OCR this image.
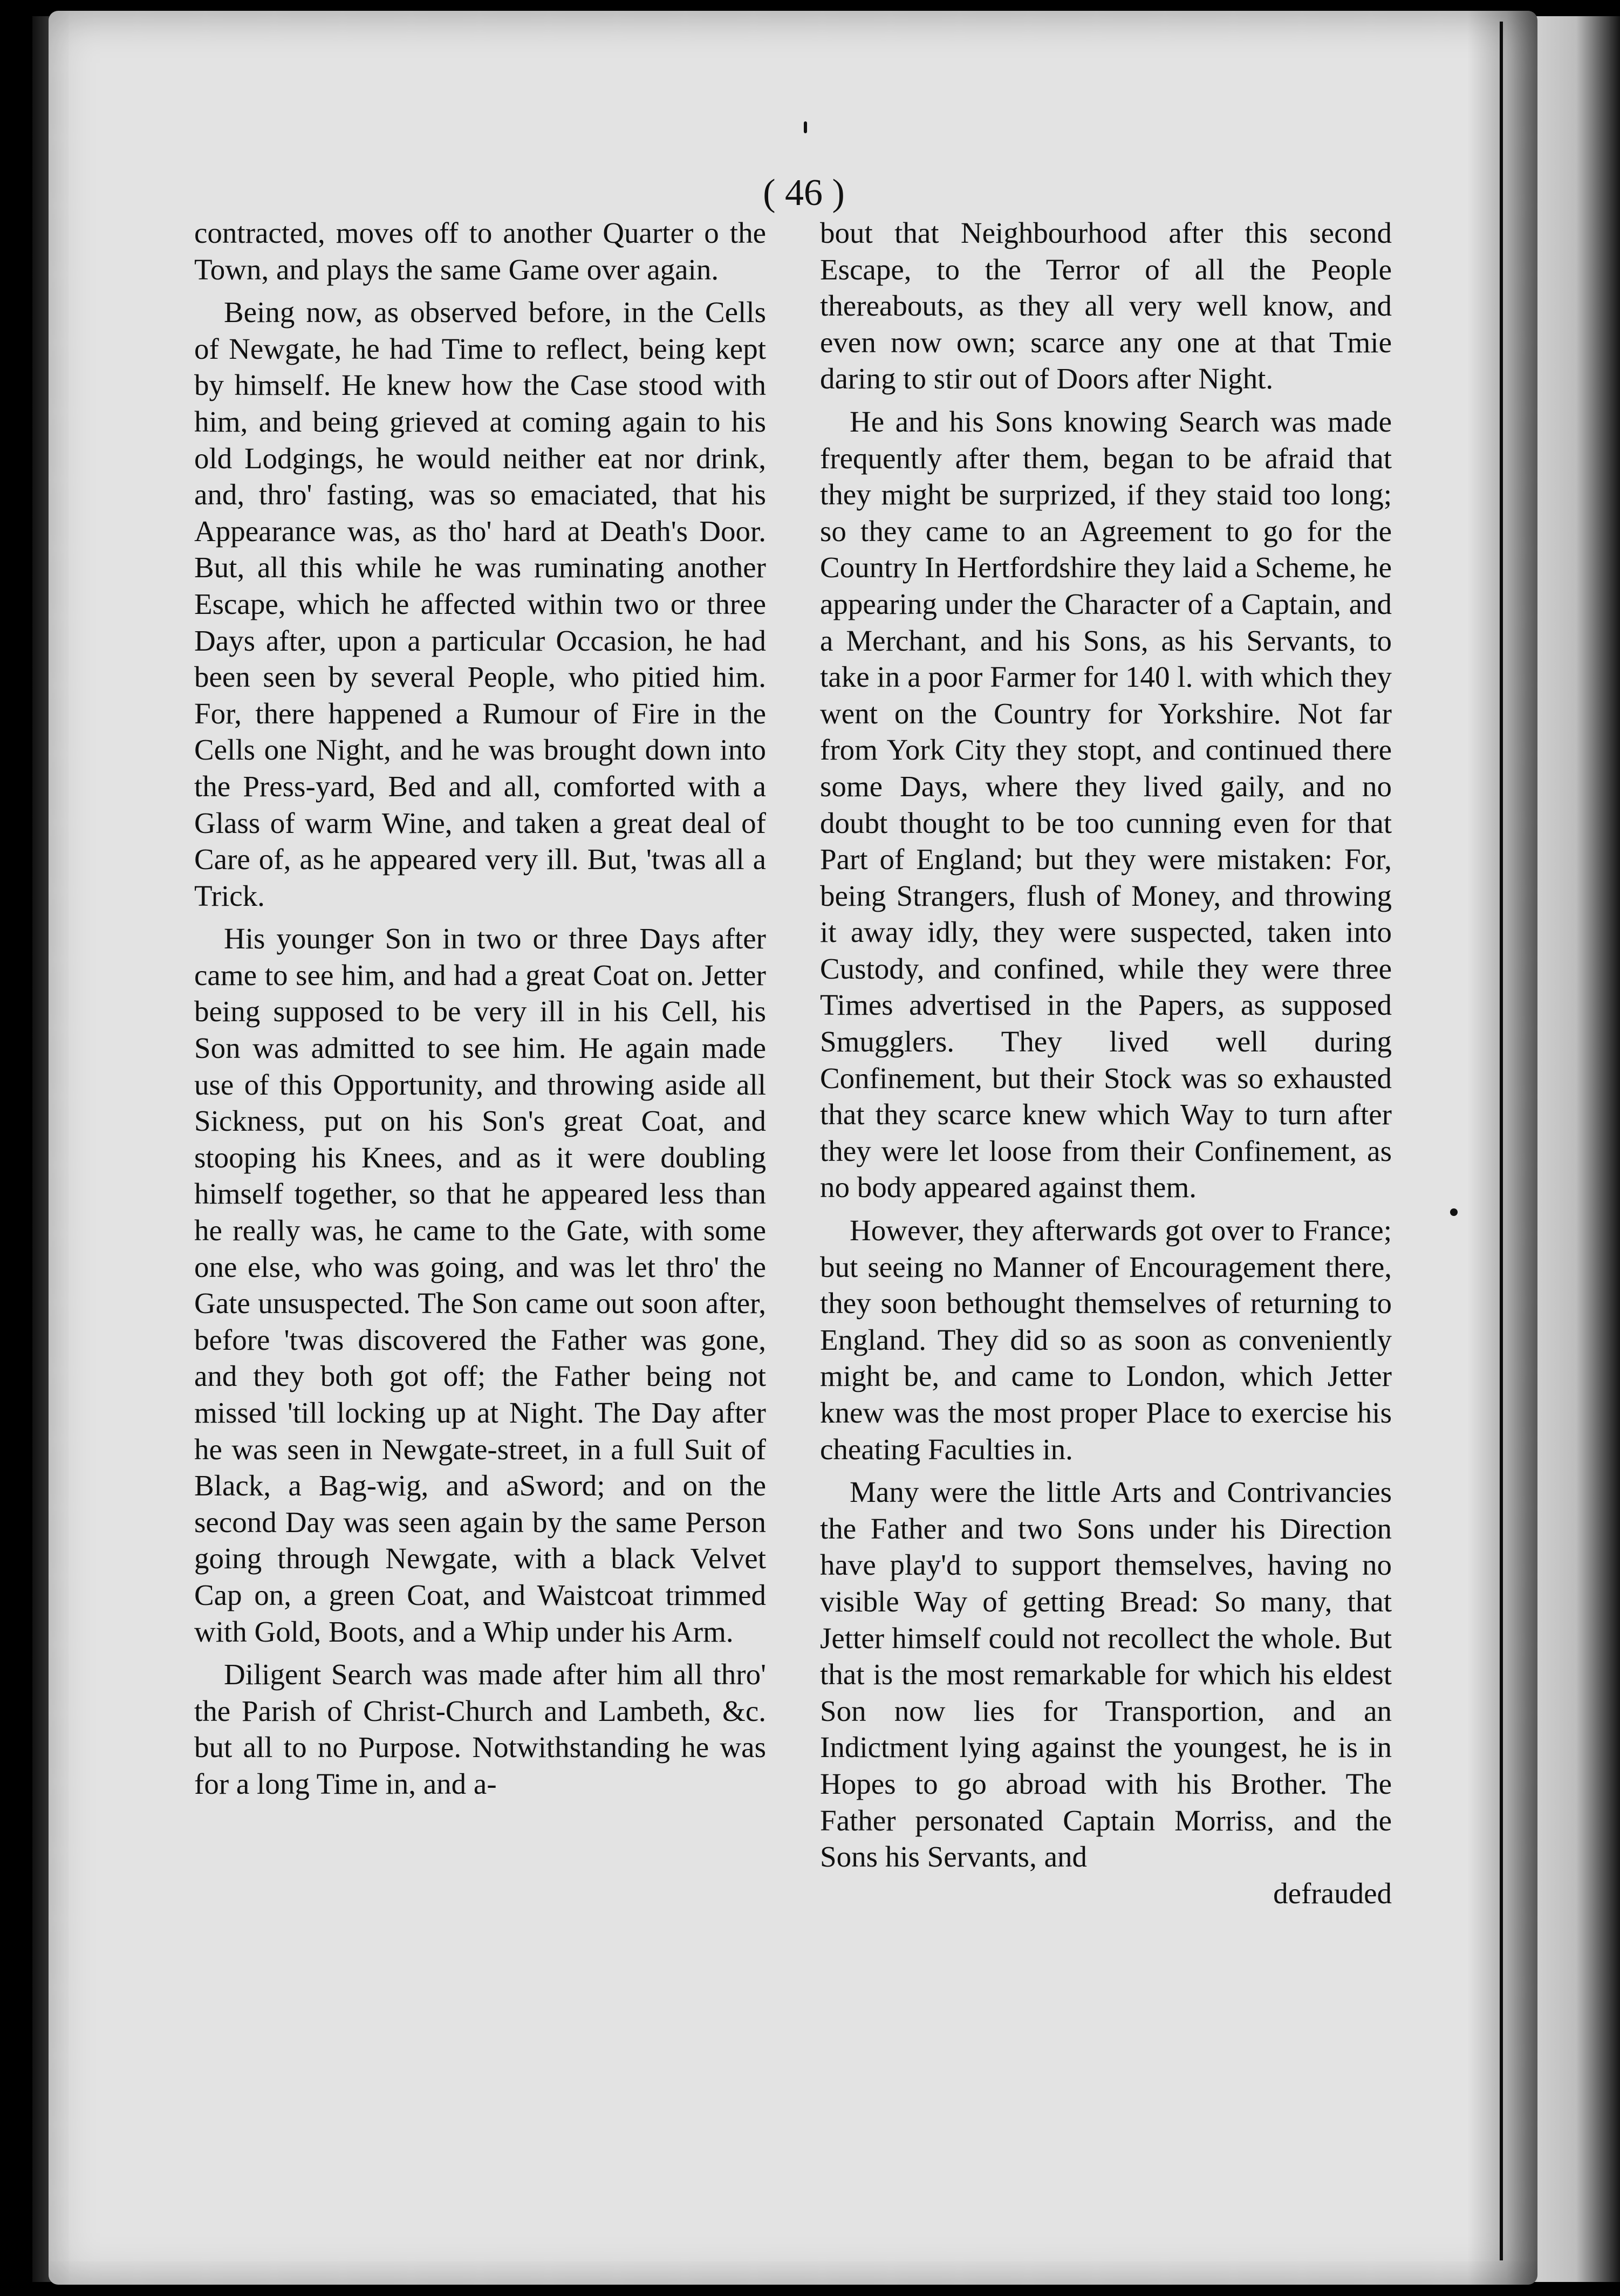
( 46 )

contracted, moves off to another Quarter o the Town, and plays the same Game over again.

Being now, as observed before, in the Cells of Newgate, he had Time to reflect, being kept by himself. He knew how the Case stood with him, and being grieved at coming again to his old Lodgings, he would neither eat nor drink, and, thro' fasting, was so emaciated, that his Appearance was, as tho' hard at Death's Door. But, all this while he was ruminating another Escape, which he affected within two or three Days after, upon a particular Occasion, he had been seen by several People, who pitied him. For, there happened a Rumour of Fire in the Cells one Night, and he was brought down into the Press-yard, Bed and all, comforted with a Glass of warm Wine, and taken a great deal of Care of, as he appeared very ill. But, 'twas all a Trick.

His younger Son in two or three Days after came to see him, and had a great Coat on. Jetter being supposed to be very ill in his Cell, his Son was admitted to see him. He again made use of this Opportunity, and throwing aside all Sickness, put on his Son's great Coat, and stooping his Knees, and as it were doubling himself together, so that he appeared less than he really was, he came to the Gate, with some one else, who was going, and was let thro' the Gate unsuspected. The Son came out soon after, before 'twas discovered the Father was gone, and they both got off; the Father being not missed 'till locking up at Night. The Day after he was seen in Newgate-street, in a full Suit of Black, a Bag-wig, and aSword; and on the second Day was seen again by the same Person going through Newgate, with a black Velvet Cap on, a green Coat, and Waistcoat trimmed with Gold, Boots, and a Whip under his Arm.

Diligent Search was made after him all thro' the Parish of Christ-Church and Lambeth, &c. but all to no Purpose. Notwithstanding he was for a long Time in, and a-

bout that Neighbourhood after this second Escape, to the Terror of all the People thereabouts, as they all very well know, and even now own; scarce any one at that Tmie daring to stir out of Doors after Night.

He and his Sons knowing Search was made frequently after them, began to be afraid that they might be surprized, if they staid too long; so they came to an Agreement to go for the Country In Hertfordshire they laid a Scheme, he appearing under the Character of a Captain, and a Merchant, and his Sons, as his Servants, to take in a poor Farmer for 140 l. with which they went on the Country for Yorkshire. Not far from York City they stopt, and continued there some Days, where they lived gaily, and no doubt thought to be too cunning even for that Part of England; but they were mistaken: For, being Strangers, flush of Money, and throwing it away idly, they were suspected, taken into Custody, and confined, while they were three Times advertised in the Papers, as supposed Smugglers. They lived well during Confinement, but their Stock was so exhausted that they scarce knew which Way to turn after they were let loose from their Confinement, as no body appeared against them.

However, they afterwards got over to France; but seeing no Manner of Encouragement there, they soon bethought themselves of returning to England. They did so as soon as conveniently might be, and came to London, which Jetter knew was the most proper Place to exercise his cheating Faculties in.

Many were the little Arts and Contrivancies the Father and two Sons under his Direction have play'd to support themselves, having no visible Way of getting Bread: So many, that Jetter himself could not recollect the whole. But that is the most remarkable for which his eldest Son now lies for Transportion, and an Indictment lying against the youngest, he is in Hopes to go abroad with his Brother. The Father personated Captain Morriss, and the Sons his Servants, and

defrauded
